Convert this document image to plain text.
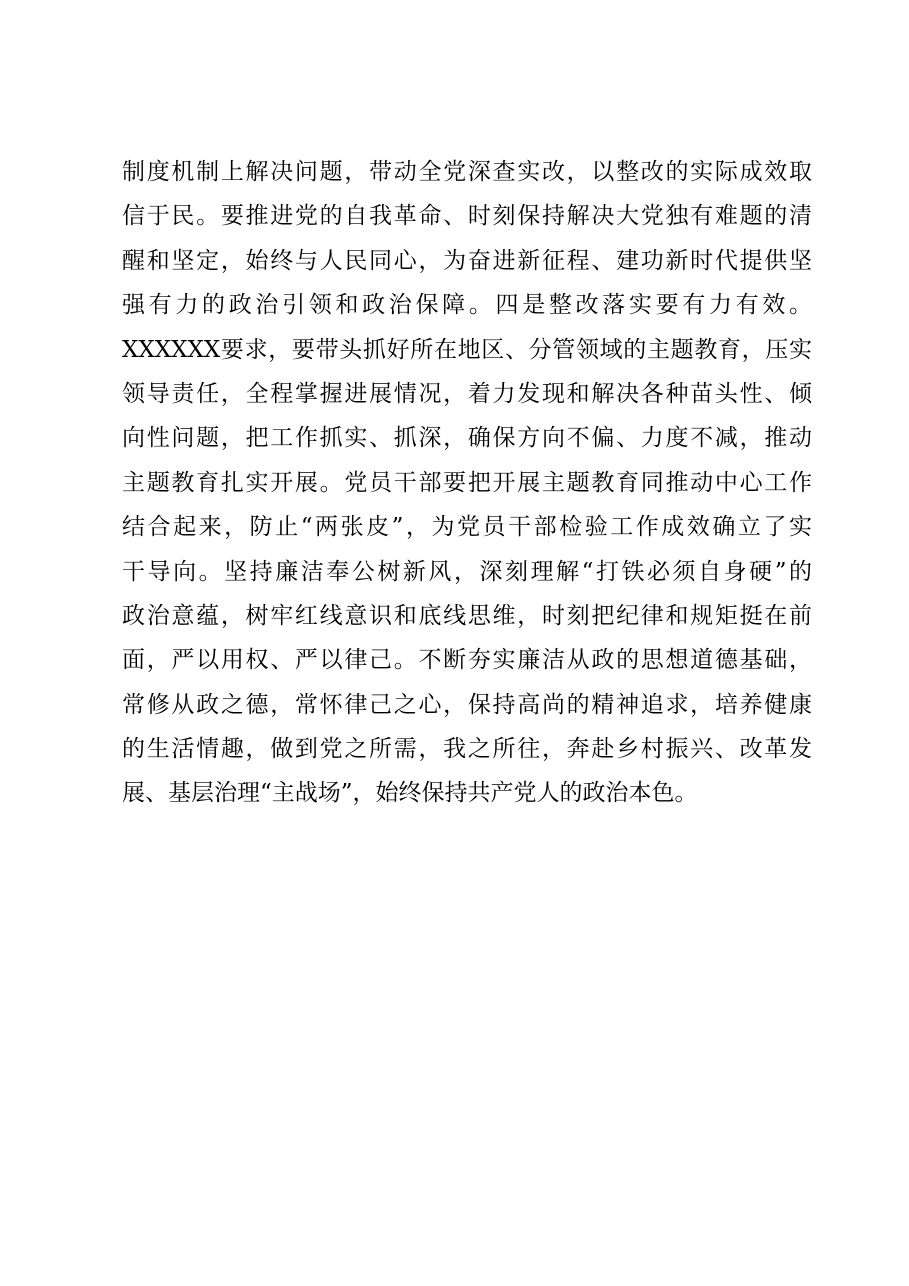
制度机制上解决问题，带动全党深查实改，以整改的实际成效取
信于民。要推进党的自我革命、时刻保持解决大党独有难题的清
醒和坚定，始终与人民同心，为奋进新征程、建功新时代提供坚
强有力的政治引领和政治保障。四是整改落实要有力有效。
XXXXXX要求，要带头抓好所在地区、分管领域的主题教育，压实
领导责任，全程掌握进展情况，着力发现和解决各种苗头性、倾
向性问题，把工作抓实、抓深，确保方向不偏、力度不减，推动
主题教育扎实开展。党员干部要把开展主题教育同推动中心工作
结合起来，防止“两张皮”，为党员干部检验工作成效确立了实
干导向。坚持廉洁奉公树新风，深刻理解“打铁必须自身硬”的
政治意蕴，树牢红线意识和底线思维，时刻把纪律和规矩挺在前
面，严以用权、严以律己。不断夯实廉洁从政的思想道德基础，
常修从政之德，常怀律己之心，保持高尚的精神追求，培养健康
的生活情趣，做到党之所需，我之所往，奔赴乡村振兴、改革发
展、基层治理“主战场”，始终保持共产党人的政治本色。
